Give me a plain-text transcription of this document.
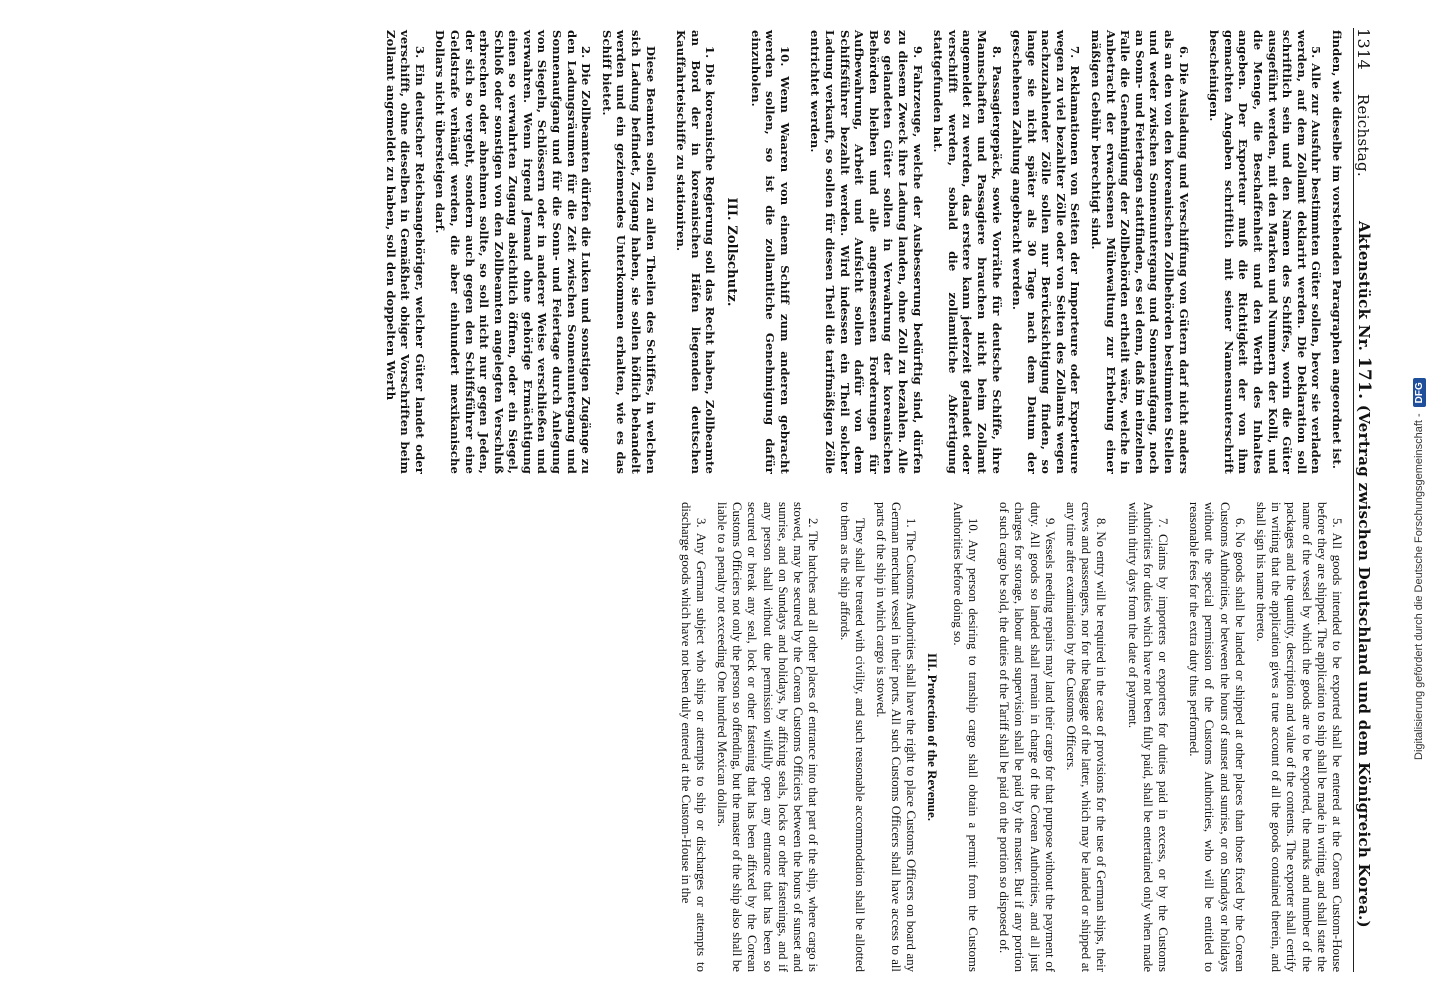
1314
Reichstag.
Aktenstück Nr. 171. (Vertrag zwischen Deutschland und dem Königreich Korea.)

finden, wie dieselbe im vorstehenden Paragraphen angeordnet ist.

5. Alle zur Ausfuhr bestimmten Güter sollen, bevor sie verladen werden, auf dem Zollamt deklarirt werden. Die Deklaration soll schriftlich sein und den Namen des Schiffes, worin die Güter ausgeführt werden, mit den Marken und Nummern der Kolli, und die Menge, die Beschaffenheit und den Werth des Inhaltes angeben. Der Exporteur muß die Richtigkeit der von ihm gemachten Angaben schriftlich mit seiner Namensunterschrift bescheinigen.

6. Die Ausladung und Verschiffung von Gütern darf nicht anders als an den von den koreanischen Zollbehörden bestimmten Stellen und weder zwischen Sonnenuntergang und Sonnenaufgang, noch an Sonn- und Feiertagen stattfinden, es sei denn, daß im einzelnen Falle die Genehmigung der Zollbehörden ertheilt wäre, welche in Anbetracht der erwachsenen Mühewaltung zur Erhebung einer mäßigen Gebühr berechtigt sind.

7. Reklamationen von Seiten der Importeure oder Exporteure wegen zu viel bezahlter Zölle oder von Seiten des Zollamts wegen nachzuzahlender Zölle sollen nur Berücksichtigung finden, so lange sie nicht später als 30 Tage nach dem Datum der geschehenen Zahlung angebracht werden.

8. Passagiergepäck, sowie Vorräthe für deutsche Schiffe, ihre Mannschaften und Passagiere brauchen nicht beim Zollamt angemeldet zu werden, das erstere kann jederzeit gelandet oder verschifft werden, sobald die zollamtliche Abfertigung stattgefunden hat.

9. Fahrzeuge, welche der Ausbesserung bedürftig sind, dürfen zu diesem Zweck ihre Ladung landen, ohne Zoll zu bezahlen. Alle so gelandeten Güter sollen in Verwahrung der koreanischen Behörden bleiben und alle angemessenen Forderungen für Aufbewahrung, Arbeit und Aufsicht sollen dafür von dem Schiffsführer bezahlt werden. Wird indessen ein Theil solcher Ladung verkauft, so sollen für diesen Theil die tarifmäßigen Zölle entrichtet werden.

10. Wenn Waaren von einem Schiff zum anderen gebracht werden sollen, so ist die zollamtliche Genehmigung dafür einzuholen.

III. Zollschutz.

1. Die koreanische Regierung soll das Recht haben, Zollbeamte an Bord der in koreanischen Häfen liegenden deutschen Kauffahrteischiffe zu stationiren.

Diese Beamten sollen zu allen Theilen des Schiffes, in welchen sich Ladung befindet, Zugang haben, sie sollen höflich behandelt werden und ein geziemendes Unterkommen erhalten, wie es das Schiff bietet.

2. Die Zollbeamten dürfen die Luken und sonstigen Zugänge zu den Ladungsräumen für die Zeit zwischen Sonnenuntergang und Sonnenaufgang und für die Sonn- und Feiertage durch Anlegung von Siegeln, Schlössern oder in anderer Weise verschließen und verwahren. Wenn irgend Jemand ohne gehörige Ermächtigung einen so verwahrten Zugang absichtlich öffnen, oder ein Siegel, Schloß oder sonstigen von den Zollbeamten angelegten Verschluß erbrechen oder abnehmen sollte, so soll nicht nur gegen Jeden, der sich so vergeht, sondern auch gegen den Schiffsführer eine Geldstrafe verhängt werden, die aber einhundert mexikanische Dollars nicht übersteigen darf.

3. Ein deutscher Reichsangehöriger, welcher Güter landet oder verschifft, ohne dieselben in Gemäßheit obiger Vorschriften beim Zollamt angemeldet zu haben, soll den doppelten Werth

5. All goods intended to be exported shall be entered at the Corean Custom-House before they are shipped. The application to ship shall be made in writing, and shall state the name of the vessel by which the goods are to be exported, the marks and number of the packages and the quantity, description and value of the contents. The exporter shall certify in writing that the application gives a true account of all the goods contained therein, and shall sign his name thereto.

6. No goods shall be landed or shipped at other places than those fixed by the Corean Customs Authorities, or between the hours of sunset and sunrise, or on Sundays or holidays without the special permission of the Customs Authorities, who will be entitled to reasonable fees for the extra duty thus performed.

7. Claims by importers or exporters for duties paid in excess, or by the Customs Authorities for duties which have not been fully paid, shall be entertained only when made within thirty days from the date of payment.

8. No entry will be required in the case of provisions for the use of German ships, their crews and passengers, nor for the baggage of the latter, which may be landed or shipped at any time after examination by the Customs Officers.

9. Vessels needing repairs may land their cargo for that purpose without the payment of duty. All goods so landed shall remain in charge of the Corean Authorities, and all just charges for storage, labour and supervision shall be paid by the master. But if any portion of such cargo be sold, the duties of the Tariff shall be paid on the portion so disposed of.

10. Any person desiring to tranship cargo shall obtain a permit from the Customs Authorities before doing so.

III. Protection of the Revenue.

1. The Customs Authorities shall have the right to place Customs Officers on board any German merchant vessel in their ports. All such Customs Officers shall have access to all parts of the ship in which cargo is stowed.

They shall be treated with civility, and such reasonable accommodation shall be allotted to them as the ship affords.

2. The hatches and all other places of entrance into that part of the ship, where cargo is stowed, may be secured by the Corean Customs Officiers between the hours of sunset and sunrise, and on Sundays and holidays, by affixing seals, locks or other fastenings, and if any person shall without due permission wilfully open any entrance that has been so secured or break any seal, lock or other fastening that has been affixed by the Corean Customs Officiers not only the person so offending, but the master of the ship also shall be liable to a penalty not exceeding One hundred Mexican dollars.

3. Any German subject who ships or attempts to ship or discharges or attempts to discharge goods which have not been duly entered at the Custom-House in the	Digitalisierung gefördert durch die Deutsche Forschungsgemeinschaft -
DFG
